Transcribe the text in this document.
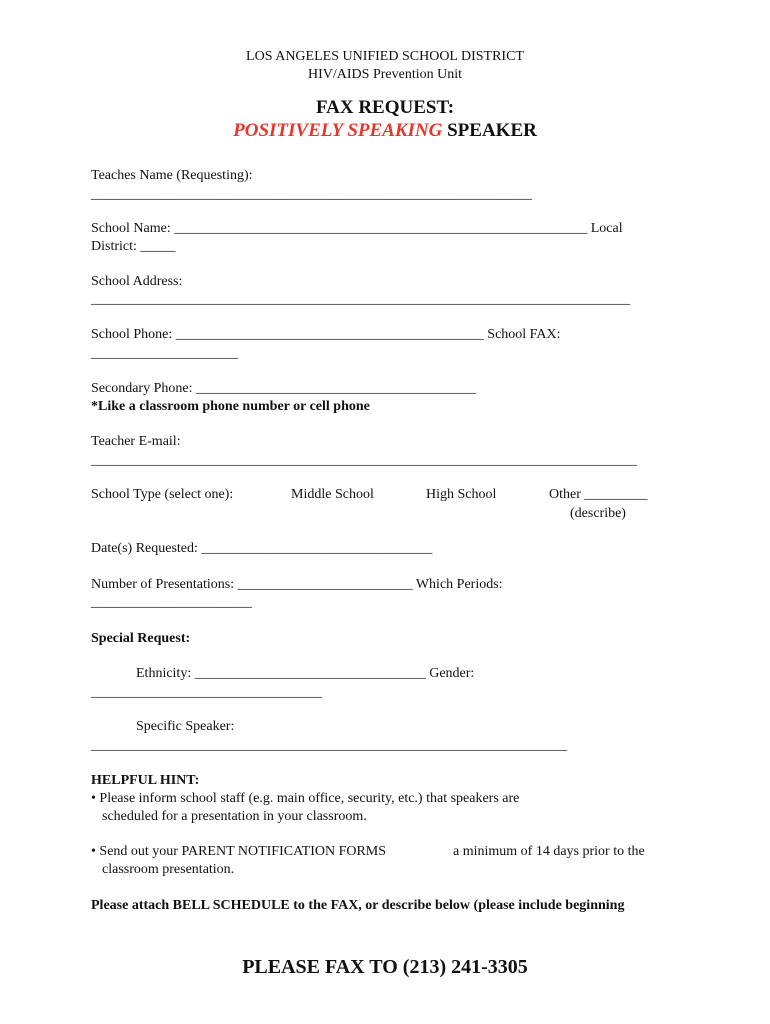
LOS ANGELES UNIFIED SCHOOL DISTRICT
HIV/AIDS Prevention Unit
FAX REQUEST:
POSITIVELY SPEAKING SPEAKER
Teaches Name (Requesting):
_______________________________________________________________
School Name: ___________________________________________________________ Local
District: _____
School Address:
_____________________________________________________________________________
School Phone: ____________________________________________ School FAX:
_____________________
Secondary Phone: ________________________________________
*Like a classroom phone number or cell phone
Teacher E-mail:
______________________________________________________________________________
School Type (select one):	Middle School	High School	Other _________
(describe)
Date(s) Requested: _________________________________
Number of Presentations: _________________________ Which Periods:
_______________________
Special Request:
Ethnicity: _________________________________ Gender:
_________________________________
Specific Speaker:
____________________________________________________________________
HELPFUL HINT:
• Please inform school staff (e.g. main office, security, etc.) that speakers are
scheduled for a presentation in your classroom.
• Send out your PARENT NOTIFICATION FORMS	a minimum of 14 days prior to the
classroom presentation.
Please attach BELL SCHEDULE to the FAX, or describe below (please include beginning
PLEASE FAX TO (213) 241-3305
